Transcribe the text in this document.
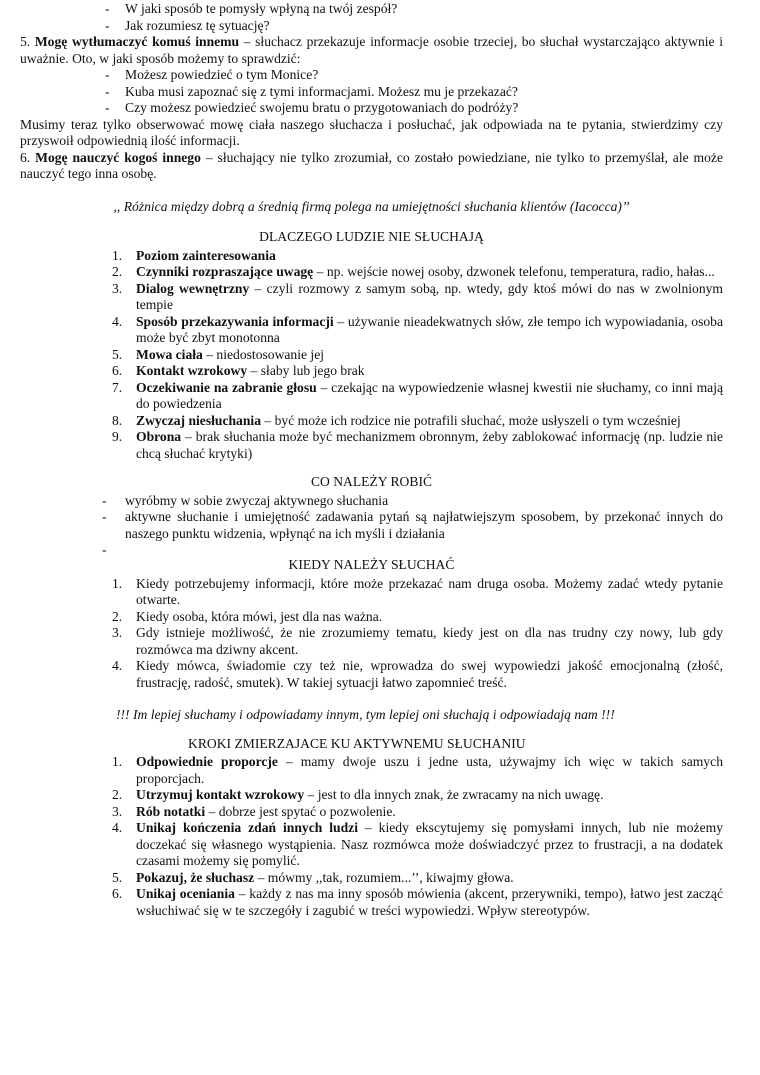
- W jaki sposób te pomysły wpłyną na twój zespół?
- Jak rozumiesz tę sytuację?

5. Mogę wytłumaczyć komuś innemu – słuchacz przekazuje informacje osobie trzeciej, bo słuchał wystarczająco aktywnie i uważnie. Oto, w jaki sposób możemy to sprawdzić:

- Możesz powiedzieć o tym Monice?
- Kuba musi zapoznać się z tymi informacjami. Możesz mu je przekazać?
- Czy możesz powiedzieć swojemu bratu o przygotowaniach do podróży?

Musimy teraz tylko obserwować mowę ciała naszego słuchacza i posłuchać, jak odpowiada na te pytania, stwierdzimy czy przyswoił odpowiednią ilość informacji.

6. Mogę nauczyć kogoś innego – słuchający nie tylko zrozumiał, co zostało powiedziane, nie tylko to przemyślał, ale może nauczyć tego inna osobę.

,, Różnica między dobrą a średnią firmą polega na umiejętności słuchania klientów (Iacocca)’’

DLACZEGO LUDZIE NIE SŁUCHAJĄ

1. Poziom zainteresowania
2. Czynniki rozpraszające uwagę – np. wejście nowej osoby, dzwonek telefonu, temperatura, radio, hałas...
3. Dialog wewnętrzny – czyli rozmowy z samym sobą, np. wtedy, gdy ktoś mówi do nas w zwolnionym tempie
4. Sposób przekazywania informacji – używanie nieadekwatnych słów, złe tempo ich wypowiadania, osoba może być zbyt monotonna
5. Mowa ciała – niedostosowanie jej
6. Kontakt wzrokowy – słaby lub jego brak
7. Oczekiwanie na zabranie głosu – czekając na wypowiedzenie własnej kwestii nie słuchamy, co inni mają do powiedzenia
8. Zwyczaj niesłuchania – być może ich rodzice nie potrafili słuchać, może usłyszeli o tym wcześniej
9. Obrona – brak słuchania może być mechanizmem obronnym, żeby zablokować informację (np. ludzie nie chcą słuchać krytyki)

CO NALEŻY ROBIĆ

- wyróbmy w sobie zwyczaj aktywnego słuchania
- aktywne słuchanie i umiejętność zadawania pytań są najłatwiejszym sposobem, by przekonać innych do naszego punktu widzenia, wpłynąć na ich myśli i działania
-

KIEDY NALEŻY SŁUCHAĆ

1. Kiedy potrzebujemy informacji, które może przekazać nam druga osoba. Możemy zadać wtedy pytanie otwarte.
2. Kiedy osoba, która mówi, jest dla nas ważna.
3. Gdy istnieje możliwość, że nie zrozumiemy tematu, kiedy jest on dla nas trudny czy nowy, lub gdy rozmówca ma dziwny akcent.
4. Kiedy mówca, świadomie czy też nie, wprowadza do swej wypowiedzi jakość emocjonalną (złość, frustrację, radość, smutek). W takiej sytuacji łatwo zapomnieć treść.

!!! Im lepiej słuchamy i odpowiadamy innym, tym lepiej oni słuchają i odpowiadają nam !!!

KROKI ZMIERZAJACE KU AKTYWNEMU SŁUCHANIU

1. Odpowiednie proporcje – mamy dwoje uszu i jedne usta, używajmy ich więc w takich samych proporcjach.
2. Utrzymuj kontakt wzrokowy – jest to dla innych znak, że zwracamy na nich uwagę.
3. Rób notatki – dobrze jest spytać o pozwolenie.
4. Unikaj kończenia zdań innych ludzi – kiedy ekscytujemy się pomysłami innych, lub nie możemy doczekać się własnego wystąpienia. Nasz rozmówca może doświadczyć przez to frustracji, a na dodatek czasami możemy się pomylić.
5. Pokazuj, że słuchasz – mówmy ,,tak, rozumiem...’’, kiwajmy głowa.
6. Unikaj oceniania – każdy z nas ma inny sposób mówienia (akcent, przerywniki, tempo), łatwo jest zacząć wsłuchiwać się w te szczegóły i zagubić w treści wypowiedzi. Wpływ stereotypów.
